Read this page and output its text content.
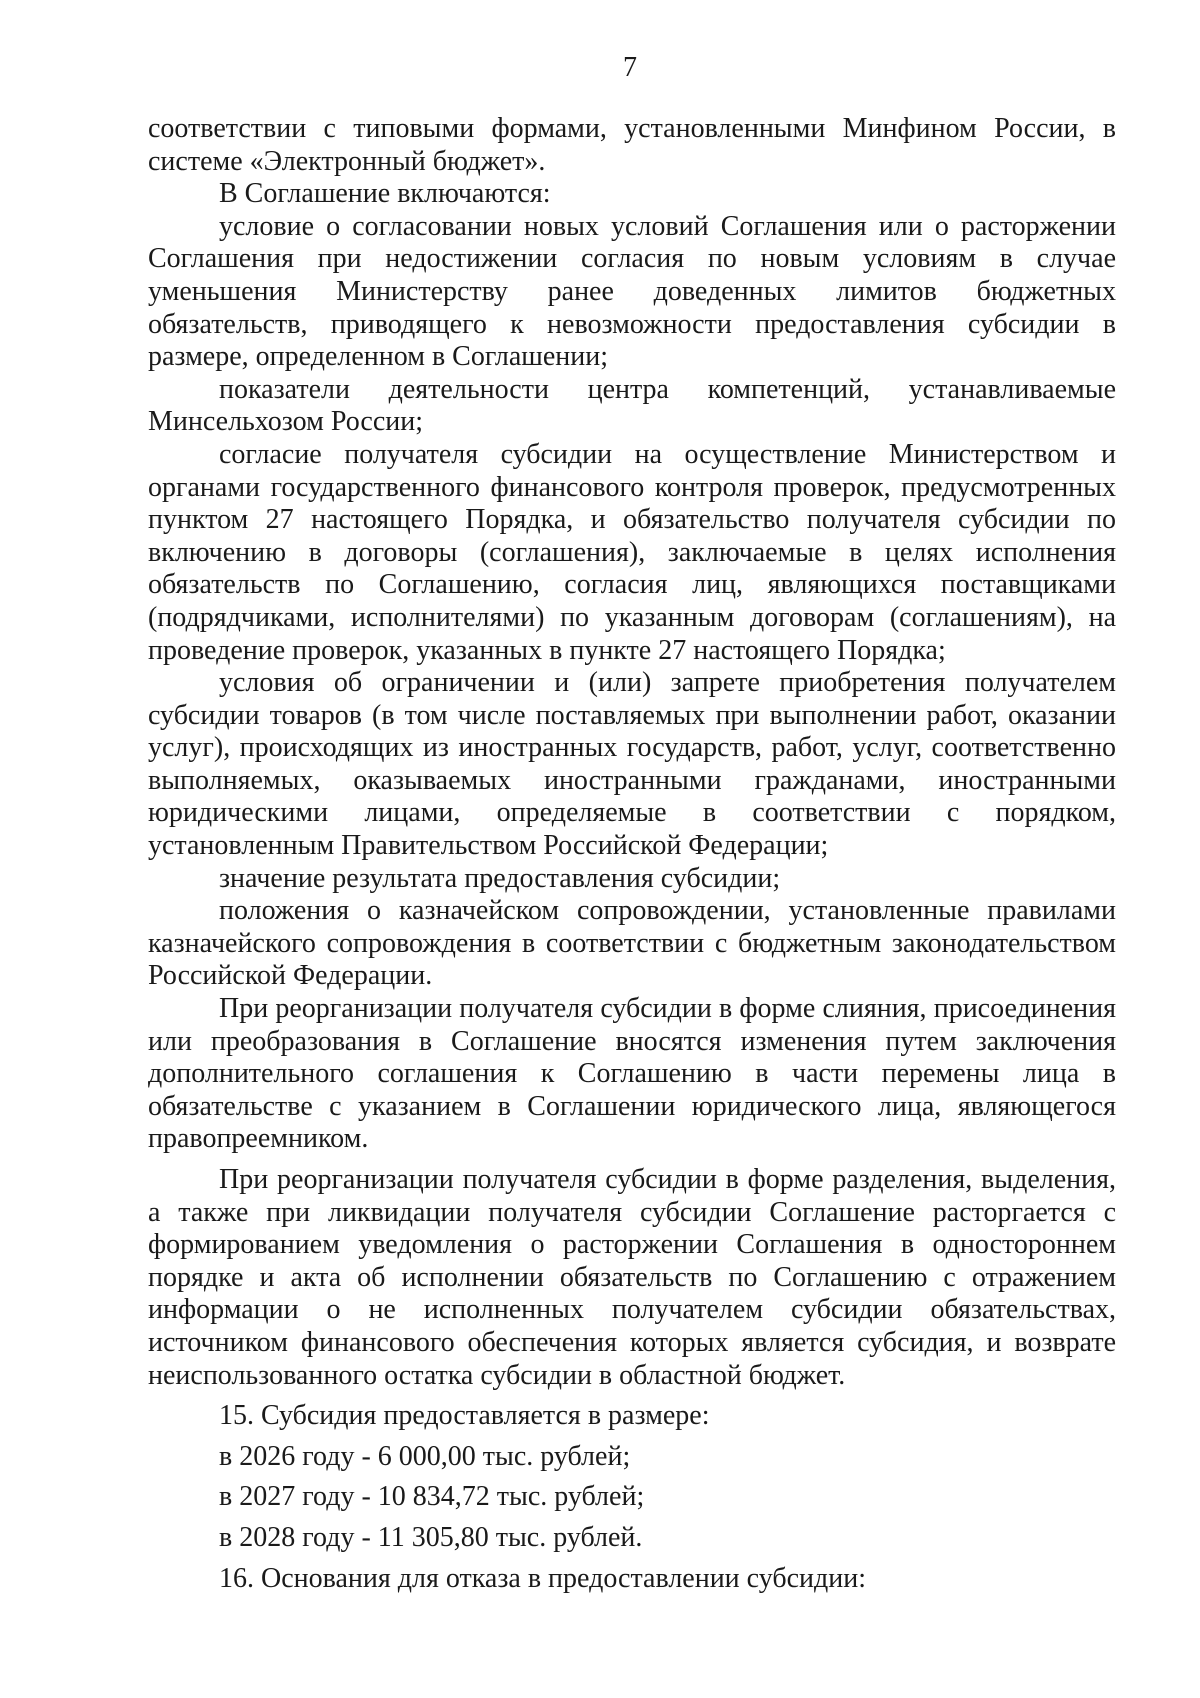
7

соответствии с типовыми формами, установленными Минфином России, в системе «Электронный бюджет».

В Соглашение включаются:

условие о согласовании новых условий Соглашения или о расторжении Соглашения при недостижении согласия по новым условиям в случае уменьшения Министерству ранее доведенных лимитов бюджетных обязательств, приводящего к невозможности предоставления субсидии в размере, определенном в Соглашении;

показатели деятельности центра компетенций, устанавливаемые Минсельхозом России;

согласие получателя субсидии на осуществление Министерством и органами государственного финансового контроля проверок, предусмотренных пунктом 27 настоящего Порядка, и обязательство получателя субсидии по включению в договоры (соглашения), заключаемые в целях исполнения обязательств по Соглашению, согласия лиц, являющихся поставщиками (подрядчиками, исполнителями) по указанным договорам (соглашениям), на проведение проверок, указанных в пункте 27 настоящего Порядка;

условия об ограничении и (или) запрете приобретения получателем субсидии товаров (в том числе поставляемых при выполнении работ, оказании услуг), происходящих из иностранных государств, работ, услуг, соответственно выполняемых, оказываемых иностранными гражданами, иностранными юридическими лицами, определяемые в соответствии с порядком, установленным Правительством Российской Федерации;

значение результата предоставления субсидии;

положения о казначейском сопровождении, установленные правилами казначейского сопровождения в соответствии с бюджетным законодательством Российской Федерации.

При реорганизации получателя субсидии в форме слияния, присоединения или преобразования в Соглашение вносятся изменения путем заключения дополнительного соглашения к Соглашению в части перемены лица в обязательстве с указанием в Соглашении юридического лица, являющегося правопреемником.

При реорганизации получателя субсидии в форме разделения, выделения, а также при ликвидации получателя субсидии Соглашение расторгается с формированием уведомления о расторжении Соглашения в одностороннем порядке и акта об исполнении обязательств по Соглашению с отражением информации о не исполненных получателем субсидии обязательствах, источником финансового обеспечения которых является субсидия, и возврате неиспользованного остатка субсидии в областной бюджет.

15. Субсидия предоставляется в размере:

в 2026 году - 6 000,00 тыс. рублей;

в 2027 году - 10 834,72 тыс. рублей;

в 2028 году - 11 305,80 тыс. рублей.

16. Основания для отказа в предоставлении субсидии:
